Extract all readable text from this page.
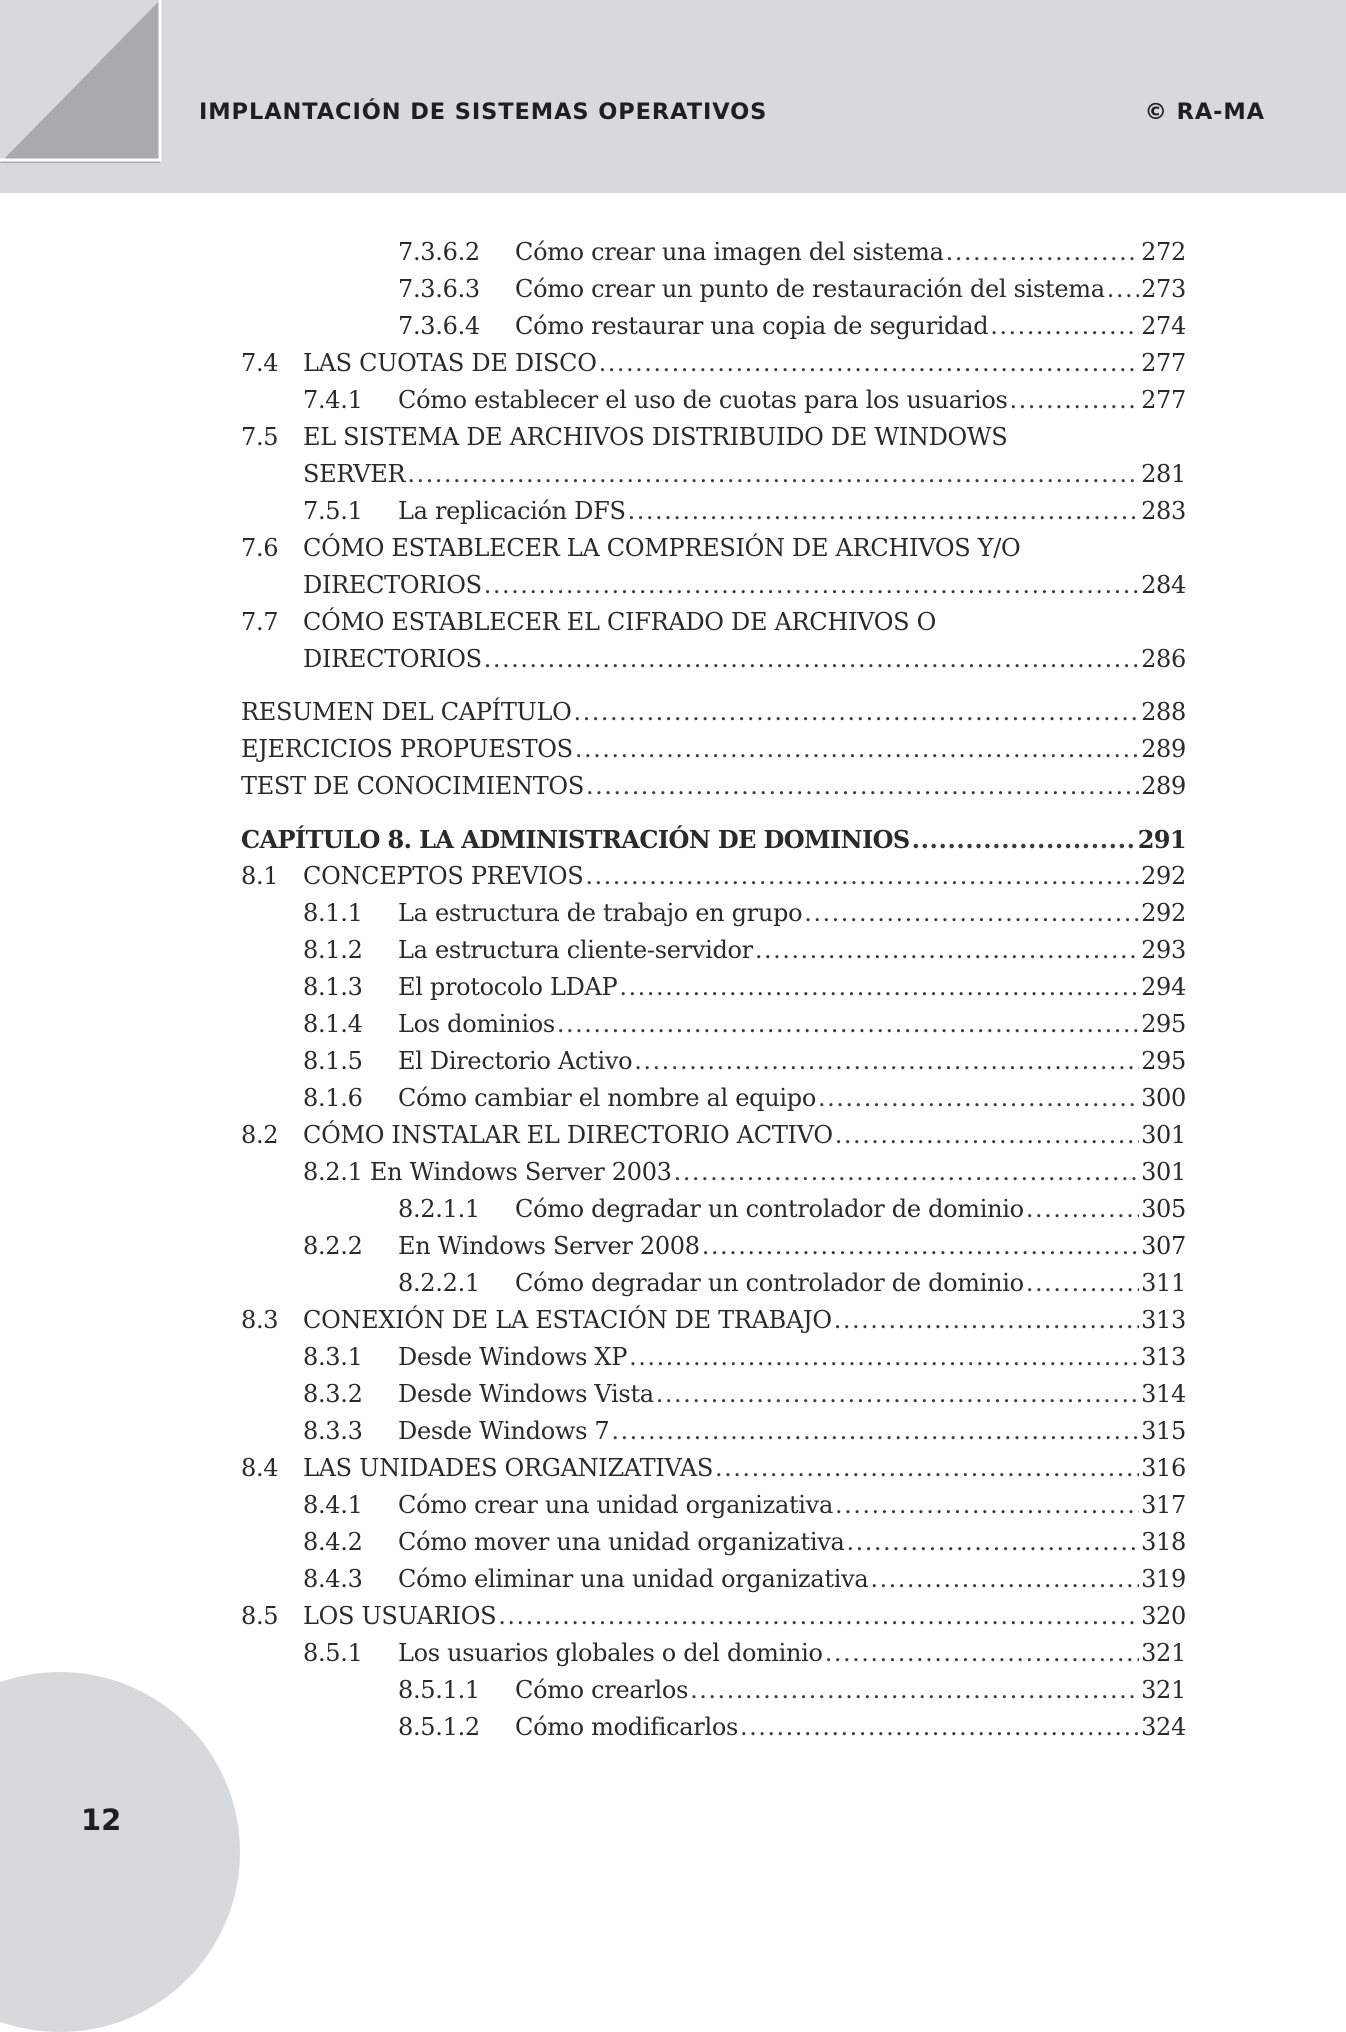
IMPLANTACIÓN DE SISTEMAS OPERATIVOS	© RA-MA
12
7.3.6.2 Cómo crear una imagen del sistema .....	272
7.3.6.3 Cómo crear un punto de restauración del sistema ..... 273
7.3.6.4 Cómo restaurar una copia de seguridad .....	274
7.4 LAS CUOTAS DE DISCO .....	277
7.4.1 Cómo establecer el uso de cuotas para los usuarios .....	277
7.5 EL SISTEMA DE ARCHIVOS DISTRIBUIDO DE WINDOWS
SERVER .....	281
7.5.1 La replicación DFS .....	283
7.6 CÓMO ESTABLECER LA COMPRESIÓN DE ARCHIVOS Y/O
DIRECTORIOS .....	284
7.7 CÓMO ESTABLECER EL CIFRADO DE ARCHIVOS O
DIRECTORIOS .....	286
RESUMEN DEL CAPÍTULO .....	288
EJERCICIOS PROPUESTOS .....	289
TEST DE CONOCIMIENTOS .....	289
CAPÍTULO 8. LA ADMINISTRACIÓN DE DOMINIOS .....	291
8.1 CONCEPTOS PREVIOS .....	292
8.1.1 La estructura de trabajo en grupo .....	292
8.1.2 La estructura cliente-servidor .....	293
8.1.3 El protocolo LDAP .....	294
8.1.4 Los dominios .....	295
8.1.5 El Directorio Activo .....	295
8.1.6 Cómo cambiar el nombre al equipo .....	300
8.2 CÓMO INSTALAR EL DIRECTORIO ACTIVO .....	301
8.2.1 En Windows Server 2003 .....	301
8.2.1.1 Cómo degradar un controlador de dominio .....	305
8.2.2 En Windows Server 2008 .....	307
8.2.2.1 Cómo degradar un controlador de dominio .....	311
8.3 CONEXIÓN DE LA ESTACIÓN DE TRABAJO .....	313
8.3.1 Desde Windows XP .....	313
8.3.2 Desde Windows Vista .....	314
8.3.3 Desde Windows 7 .....	315
8.4 LAS UNIDADES ORGANIZATIVAS .....	316
8.4.1 Cómo crear una unidad organizativa .....	317
8.4.2 Cómo mover una unidad organizativa .....	318
8.4.3 Cómo eliminar una unidad organizativa .....	319
8.5 LOS USUARIOS .....	320
8.5.1 Los usuarios globales o del dominio .....	321
8.5.1.1 Cómo crearlos .....	321
8.5.1.2 Cómo modificarlos .....	324
